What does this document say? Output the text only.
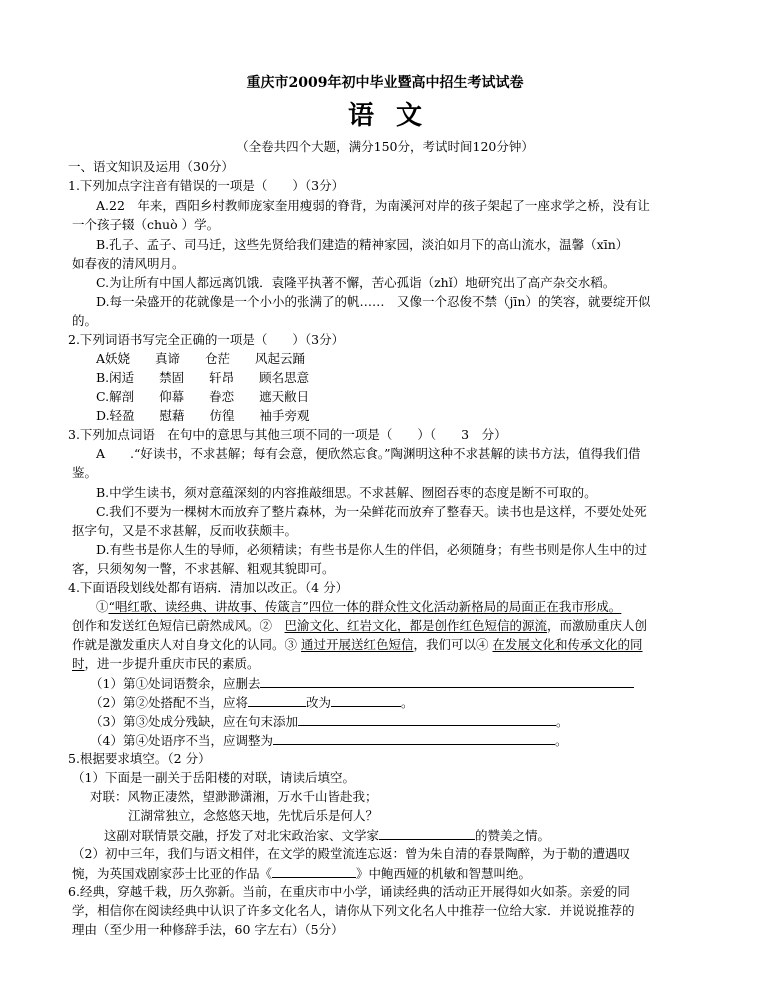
重庆市2009年初中毕业暨高中招生考试试卷
语文
（全卷共四个大题，满分150分，考试时间120分钟）
一、语文知识及运用（30分）
1.下列加点字注音有错误的一项是（　　）（3分）
A.22　年来，酉阳乡村教师庞家奎用瘦弱的脊背，为南溪河对岸的孩子架起了一座求学之桥，没有让
一个孩子辍（chuò ）学。
B.孔子、孟子、司马迁，这些先贤给我们建造的精神家园，淡泊如月下的高山流水，温馨（xīn）
如春夜的清风明月。
C.为让所有中国人都远离饥饿．袁隆平执著不懈，苦心孤诣（zhǐ）地研究出了高产杂交水稻。
D.每一朵盛开的花就像是一个小小的张满了的帆……　又像一个忍俊不禁（jīn）的笑容，就要绽开似
的。
2.下列词语书写完全正确的一项是（　　）（3分）
A妖娆　　真谛　　仓茫　　风起云踊
B.闲适　　禁固　　轩昂　　顾名思意
C.解剖　　仰幕　　眷恋　　遮天敝日
D.轻盈　　慰藉　　仿徨　　袖手旁观
3.下列加点词语　在句中的意思与其他三项不同的一项是（　　）（　　3　分）
A　　.“好读书，不求甚解；每有会意，便欣然忘食。”陶渊明这种不求甚解的读书方法，值得我们借
鉴。
B.中学生读书，须对意蕴深刻的内容推敲细思。不求甚解、囫囵吞枣的态度是断不可取的。
C.我们不要为一棵树木而放弃了整片森林，为一朵鲜花而放弃了整春天。读书也是这样，不要处处死
抠字句，又是不求甚解，反而收获颇丰。
D.有些书是你人生的导师，必须精读；有些书是你人生的伴侣，必须随身；有些书则是你人生中的过
客，只须匆匆一瞥，不求甚解、粗观其貌即可。
4.下面语段划线处都有语病．清加以改正。（4 分）
①“唱红歌、读经典、讲故事、传箴言”四位一体的群众性文化活动新格局的局面正在我市形成。
创作和发送红色短信已蔚然成风。②　巴渝文化、红岩文化，都是创作红色短信的源流，而激励重庆人创
作就是激发重庆人对自身文化的认同。③ 通过开展送红色短信，我们可以④ 在发展文化和传承文化的同
时，进一步提升重庆市民的素质。
（1）第①处词语赘余，应删去
（2）第②处搭配不当，应将	改为	。
（3）第③处成分残缺，应在句末添加	。
（4）第④处语序不当，应调整为	。
5.根据要求填空。（2 分）
（1）下面是一副关于岳阳楼的对联，请读后填空。
对联：风物正凄然，望渺渺潇湘，万水千山皆赴我；
江湖常独立，念悠悠天地，先忧后乐是何人？
这副对联情景交融，抒发了对北宋政治家、文学家	的赞美之情。
（2）初中三年，我们与语文相伴，在文学的殿堂流连忘返：曾为朱自清的春景陶醉，为于勒的遭遇叹
惋，为英国戏剧家莎士比亚的作品《	》中鲍西娅的机敏和智慧叫绝。
6.经典，穿越千栽，历久弥新。当前，在重庆市中小学，诵读经典的活动正开展得如火如荼。亲爱的同
学，相信你在阅读经典中认识了许多文化名人，请你从下列文化名人中推荐一位给大家．并说说推荐的
理由（至少用一种修辞手法，60 字左右）（5分）
